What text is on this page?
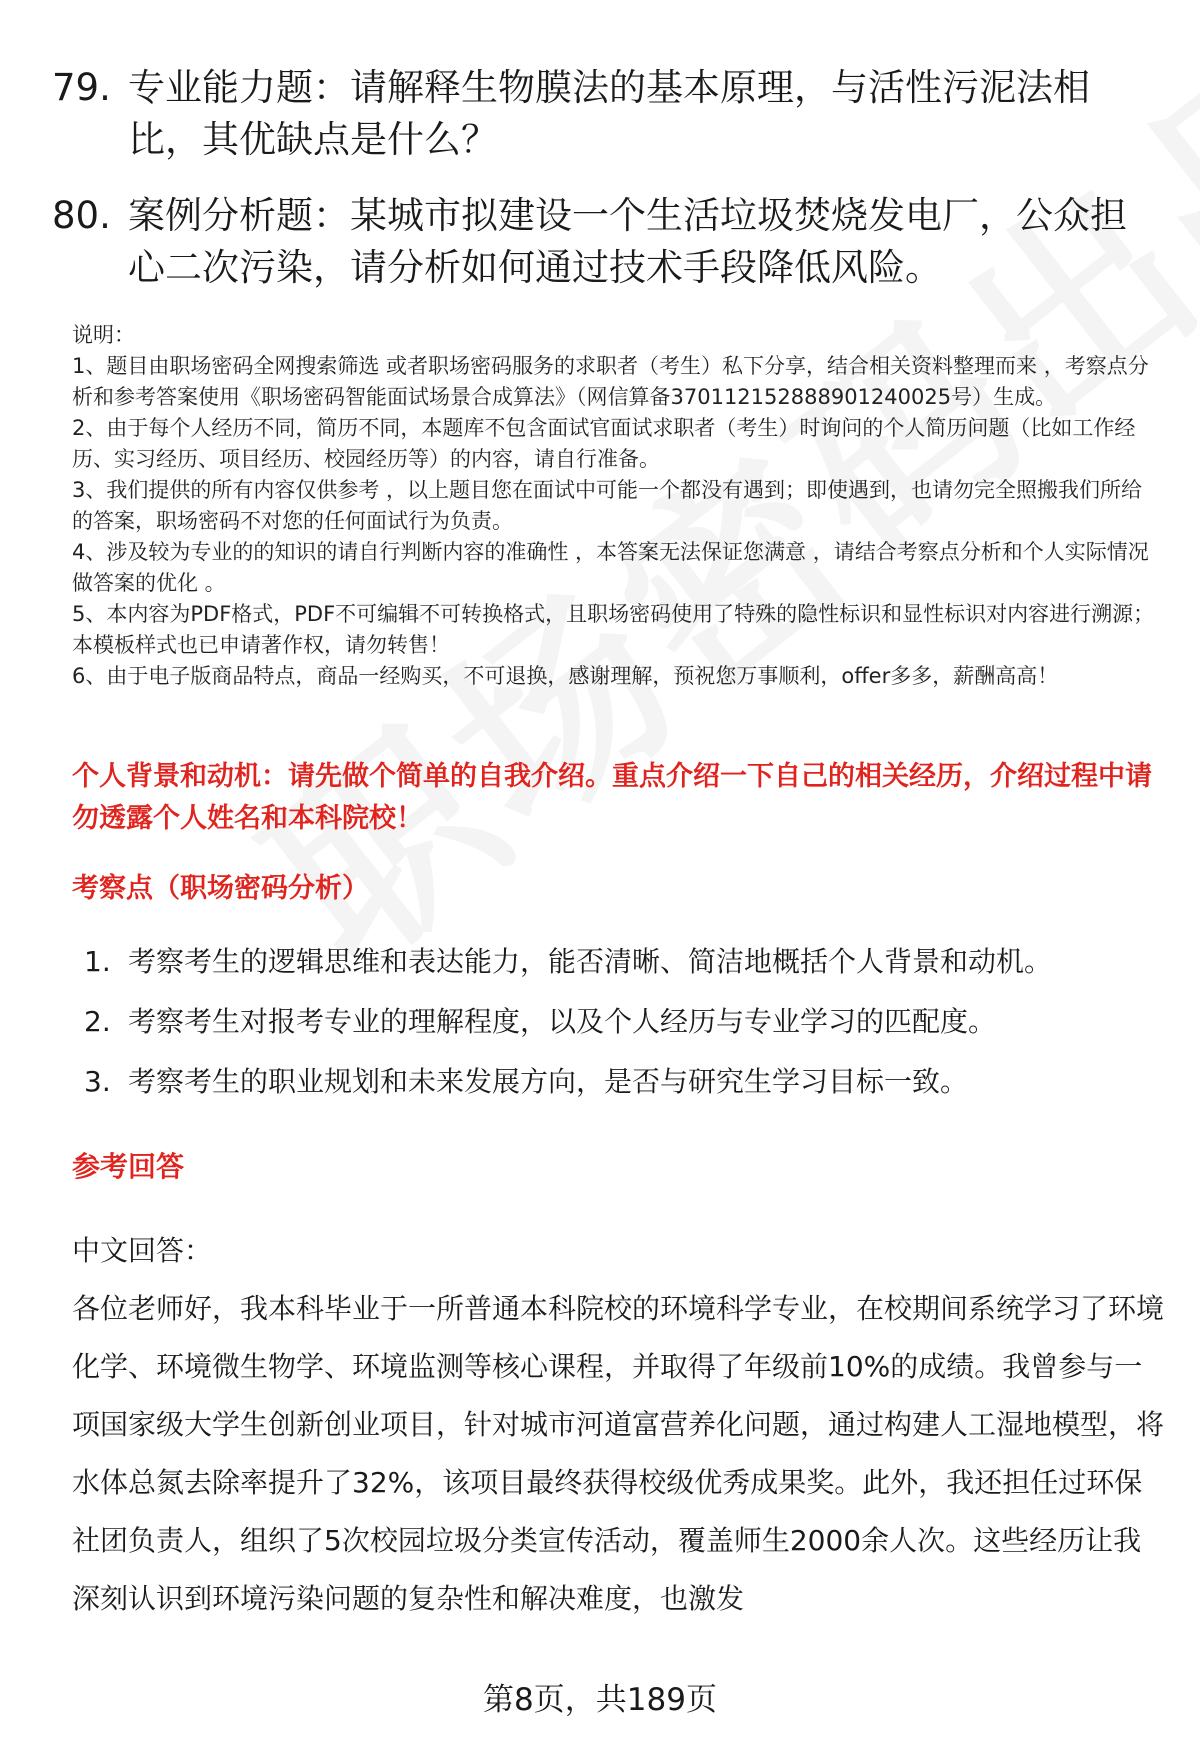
79. 专业能力题：请解释生物膜法的基本原理，与活性污泥法相比，其优缺点是什么？
80. 案例分析题：某城市拟建设一个生活垃圾焚烧发电厂，公众担心二次污染，请分析如何通过技术手段降低风险。

说明：

1、题目由职场密码全网搜索筛选 或者职场密码服务的求职者（考生）私下分享，结合相关资料整理而来 ，考察点分析和参考答案使用《职场密码智能面试场景合成算法》（网信算备370112152888901240025号）生成。

2、由于每个人经历不同，简历不同，本题库不包含面试官面试求职者（考生）时询问的个人简历问题（比如工作经历、实习经历、项目经历、校园经历等）的内容，请自行准备。

3、我们提供的所有内容仅供参考 ，以上题目您在面试中可能一个都没有遇到；即使遇到，也请勿完全照搬我们所给的答案，职场密码不对您的任何面试行为负责。

4、涉及较为专业的的知识的请自行判断内容的准确性 ，本答案无法保证您满意 ，请结合考察点分析和个人实际情况做答案的优化 。

5、本内容为PDF格式，PDF不可编辑不可转换格式，且职场密码使用了特殊的隐性标识和显性标识对内容进行溯源；本模板样式也已申请著作权，请勿转售！

6、由于电子版商品特点，商品一经购买，不可退换，感谢理解，预祝您万事顺利，offer多多，薪酬高高！

个人背景和动机：请先做个简单的自我介绍。重点介绍一下自己的相关经历，介绍过程中请勿透露个人姓名和本科院校！
考察点（职场密码分析）
1. 考察考生的逻辑思维和表达能力，能否清晰、简洁地概括个人背景和动机。
2. 考察考生对报考专业的理解程度，以及个人经历与专业学习的匹配度。
3. 考察考生的职业规划和未来发展方向，是否与研究生学习目标一致。
参考回答

中文回答：

各位老师好，我本科毕业于一所普通本科院校的环境科学专业，在校期间系统学习了环境化学、环境微生物学、环境监测等核心课程，并取得了年级前10%的成绩。我曾参与一项国家级大学生创新创业项目，针对城市河道富营养化问题，通过构建人工湿地模型，将水体总氮去除率提升了32%，该项目最终获得校级优秀成果奖。此外，我还担任过环保社团负责人，组织了5次校园垃圾分类宣传活动，覆盖师生2000余人次。这些经历让我深刻认识到环境污染问题的复杂性和解决难度，也激发

第8页，共189页
